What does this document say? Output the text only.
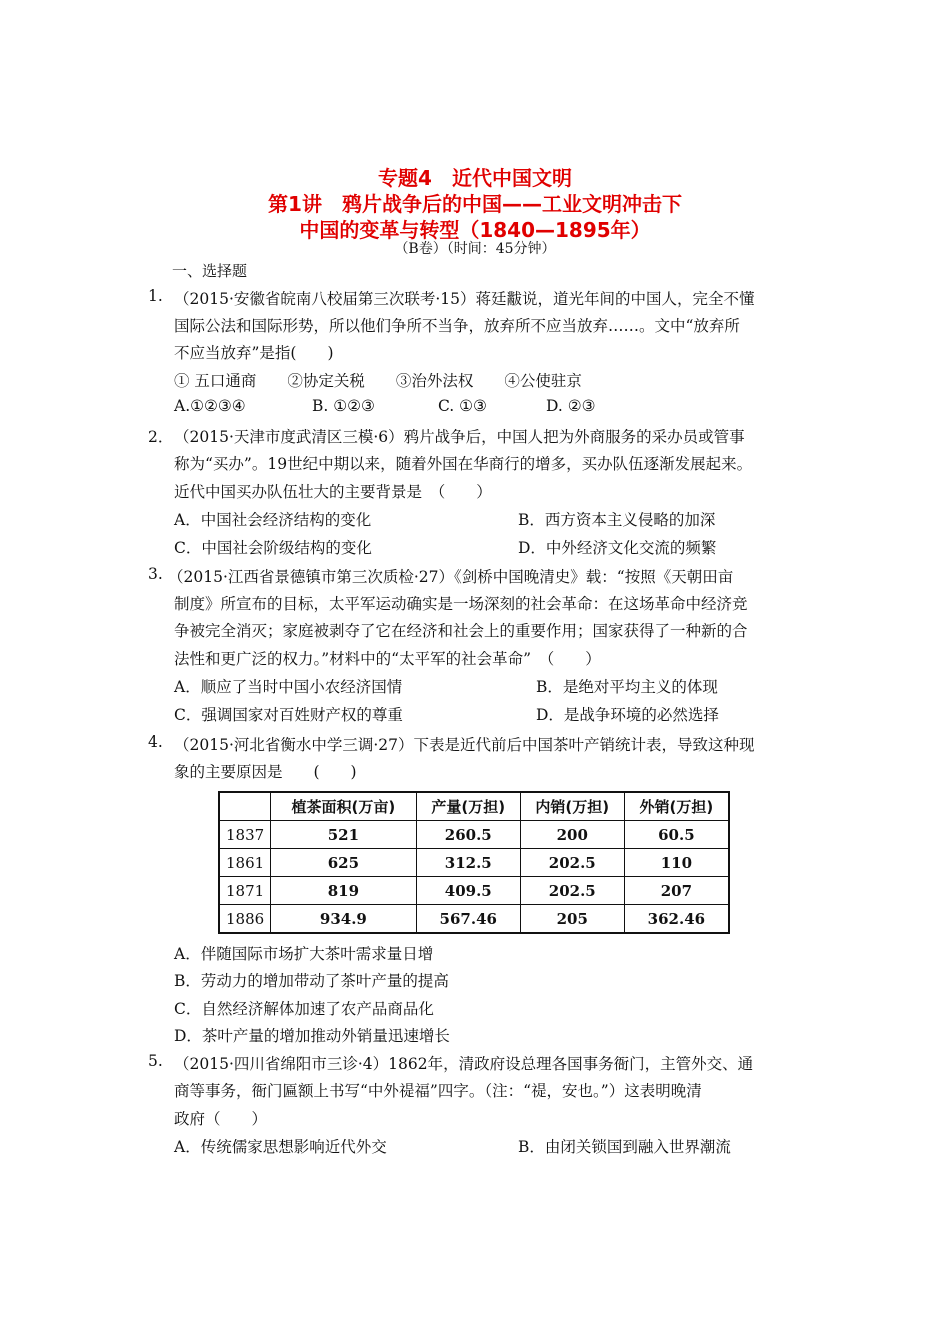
专题4　近代中国文明
第1讲　鸦片战争后的中国——工业文明冲击下
中国的变革与转型（1840—1895年）
（B卷）（时间：45分钟）
一、选择题
1. （2015·安徽省皖南八校届第三次联考·15）蒋廷黻说，道光年间的中国人，完全不懂
国际公法和国际形势，所以他们争所不当争，放弃所不应当放弃……。文中“放弃所
不应当放弃”是指(　　)
① 五口通商　　②协定关税　　③治外法权　　④公使驻京
A.①②③④	B. ①②③	C. ①③	D. ②③
2． （2015·天津市度武清区三模·6）鸦片战争后，中国人把为外商服务的采办员或管事
称为“买办”。19世纪中期以来，随着外国在华商行的增多，买办队伍逐渐发展起来。
近代中国买办队伍壮大的主要背景是　（　　）
A．中国社会经济结构的变化	B．西方资本主义侵略的加深
C．中国社会阶级结构的变化	D．中外经济文化交流的频繁
3. （2015·江西省景德镇市第三次质检·27）《剑桥中国晚清史》载：“按照《天朝田亩
制度》所宣布的目标，太平军运动确实是一场深刻的社会革命：在这场革命中经济竞
争被完全消灭；家庭被剥夺了它在经济和社会上的重要作用；国家获得了一种新的合
法性和更广泛的权力。”材料中的“太平军的社会革命”　（　　）
A．顺应了当时中国小农经济国情	B．是绝对平均主义的体现
C．强调国家对百姓财产权的尊重	D．是战争环境的必然选择
4. （2015·河北省衡水中学三调·27）下表是近代前后中国茶叶产销统计表，导致这种现
象的主要原因是　　(　　)
	植茶面积(万亩)	产量(万担)	内销(万担)	外销(万担)
1837	521	260.5	200	60.5
1861	625	312.5	202.5	110
1871	819	409.5	202.5	207
1886	934.9	567.46	205	362.46
A．伴随国际市场扩大茶叶需求量日增
B．劳动力的增加带动了茶叶产量的提高
C．自然经济解体加速了农产品商品化
D．茶叶产量的增加推动外销量迅速增长
5. （2015·四川省绵阳市三诊·4）1862年，清政府设总理各国事务衙门，主管外交、通
商等事务，衙门匾额上书写“中外禔福”四字。（注：“禔，安也。”）这表明晚清
政府（　　）
A．传统儒家思想影响近代外交	B．由闭关锁国到融入世界潮流
